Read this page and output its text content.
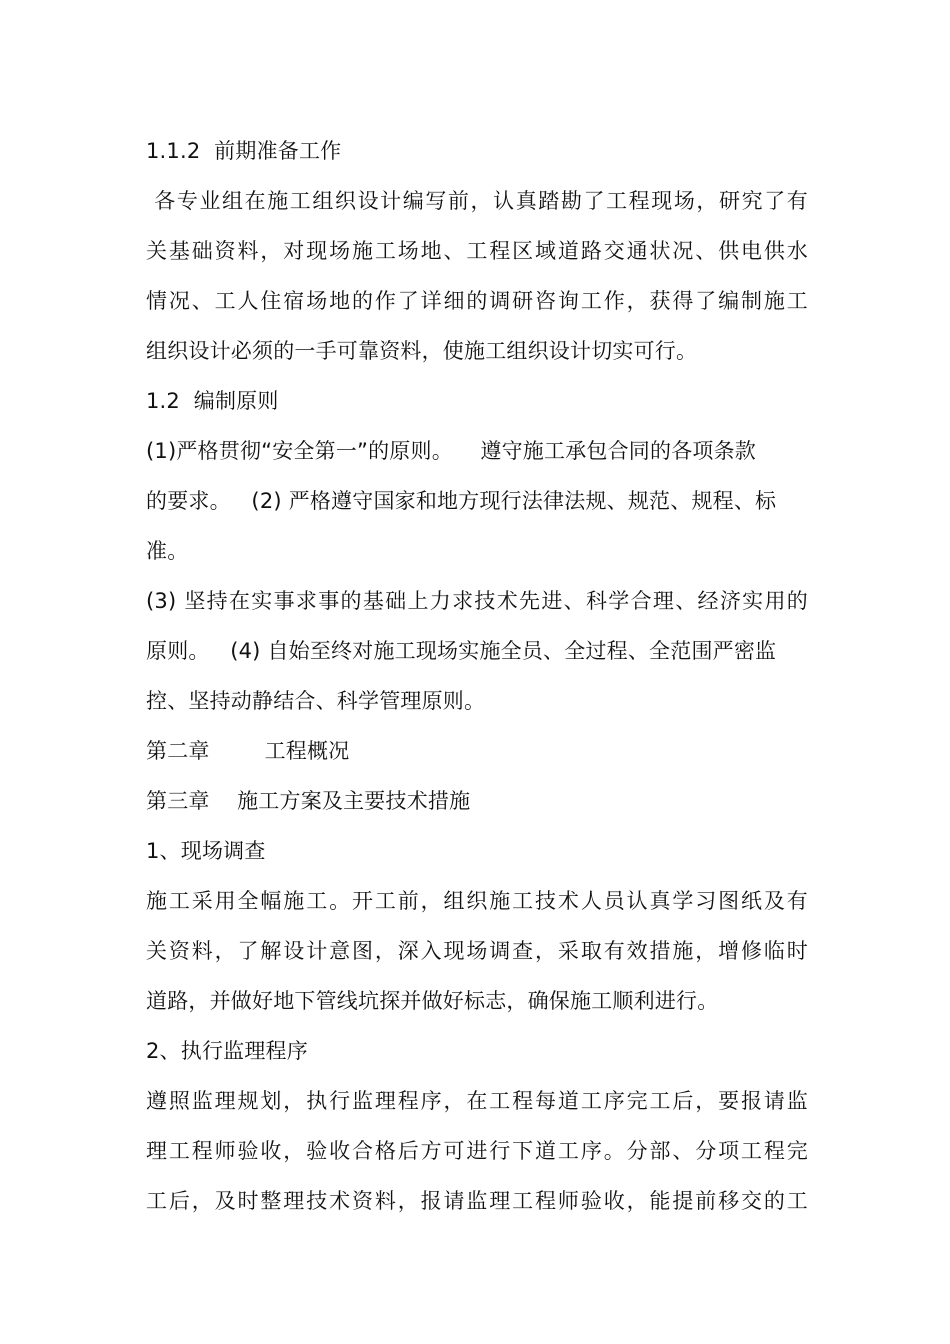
1.1.2  前期准备工作
各专业组在施工组织设计编写前，认真踏勘了工程现场，研究了有
关基础资料，对现场施工场地、工程区域道路交通状况、供电供水
情况、工人住宿场地的作了详细的调研咨询工作，获得了编制施工
组织设计必须的一手可靠资料，使施工组织设计切实可行。
1.2  编制原则
(1)严格贯彻“安全第一”的原则。    遵守施工承包合同的各项条款
的要求。   (2) 严格遵守国家和地方现行法律法规、规范、规程、标
准。
(3) 坚持在实事求事的基础上力求技术先进、科学合理、经济实用的
原则。   (4) 自始至终对施工现场实施全员、全过程、全范围严密监
控、坚持动静结合、科学管理原则。
第二章        工程概况
第三章    施工方案及主要技术措施
1、现场调查
施工采用全幅施工。开工前，组织施工技术人员认真学习图纸及有
关资料，了解设计意图，深入现场调查，采取有效措施，增修临时
道路，并做好地下管线坑探并做好标志，确保施工顺利进行。
2、执行监理程序
遵照监理规划，执行监理程序，在工程每道工序完工后，要报请监
理工程师验收，验收合格后方可进行下道工序。分部、分项工程完
工后，及时整理技术资料，报请监理工程师验收，能提前移交的工
